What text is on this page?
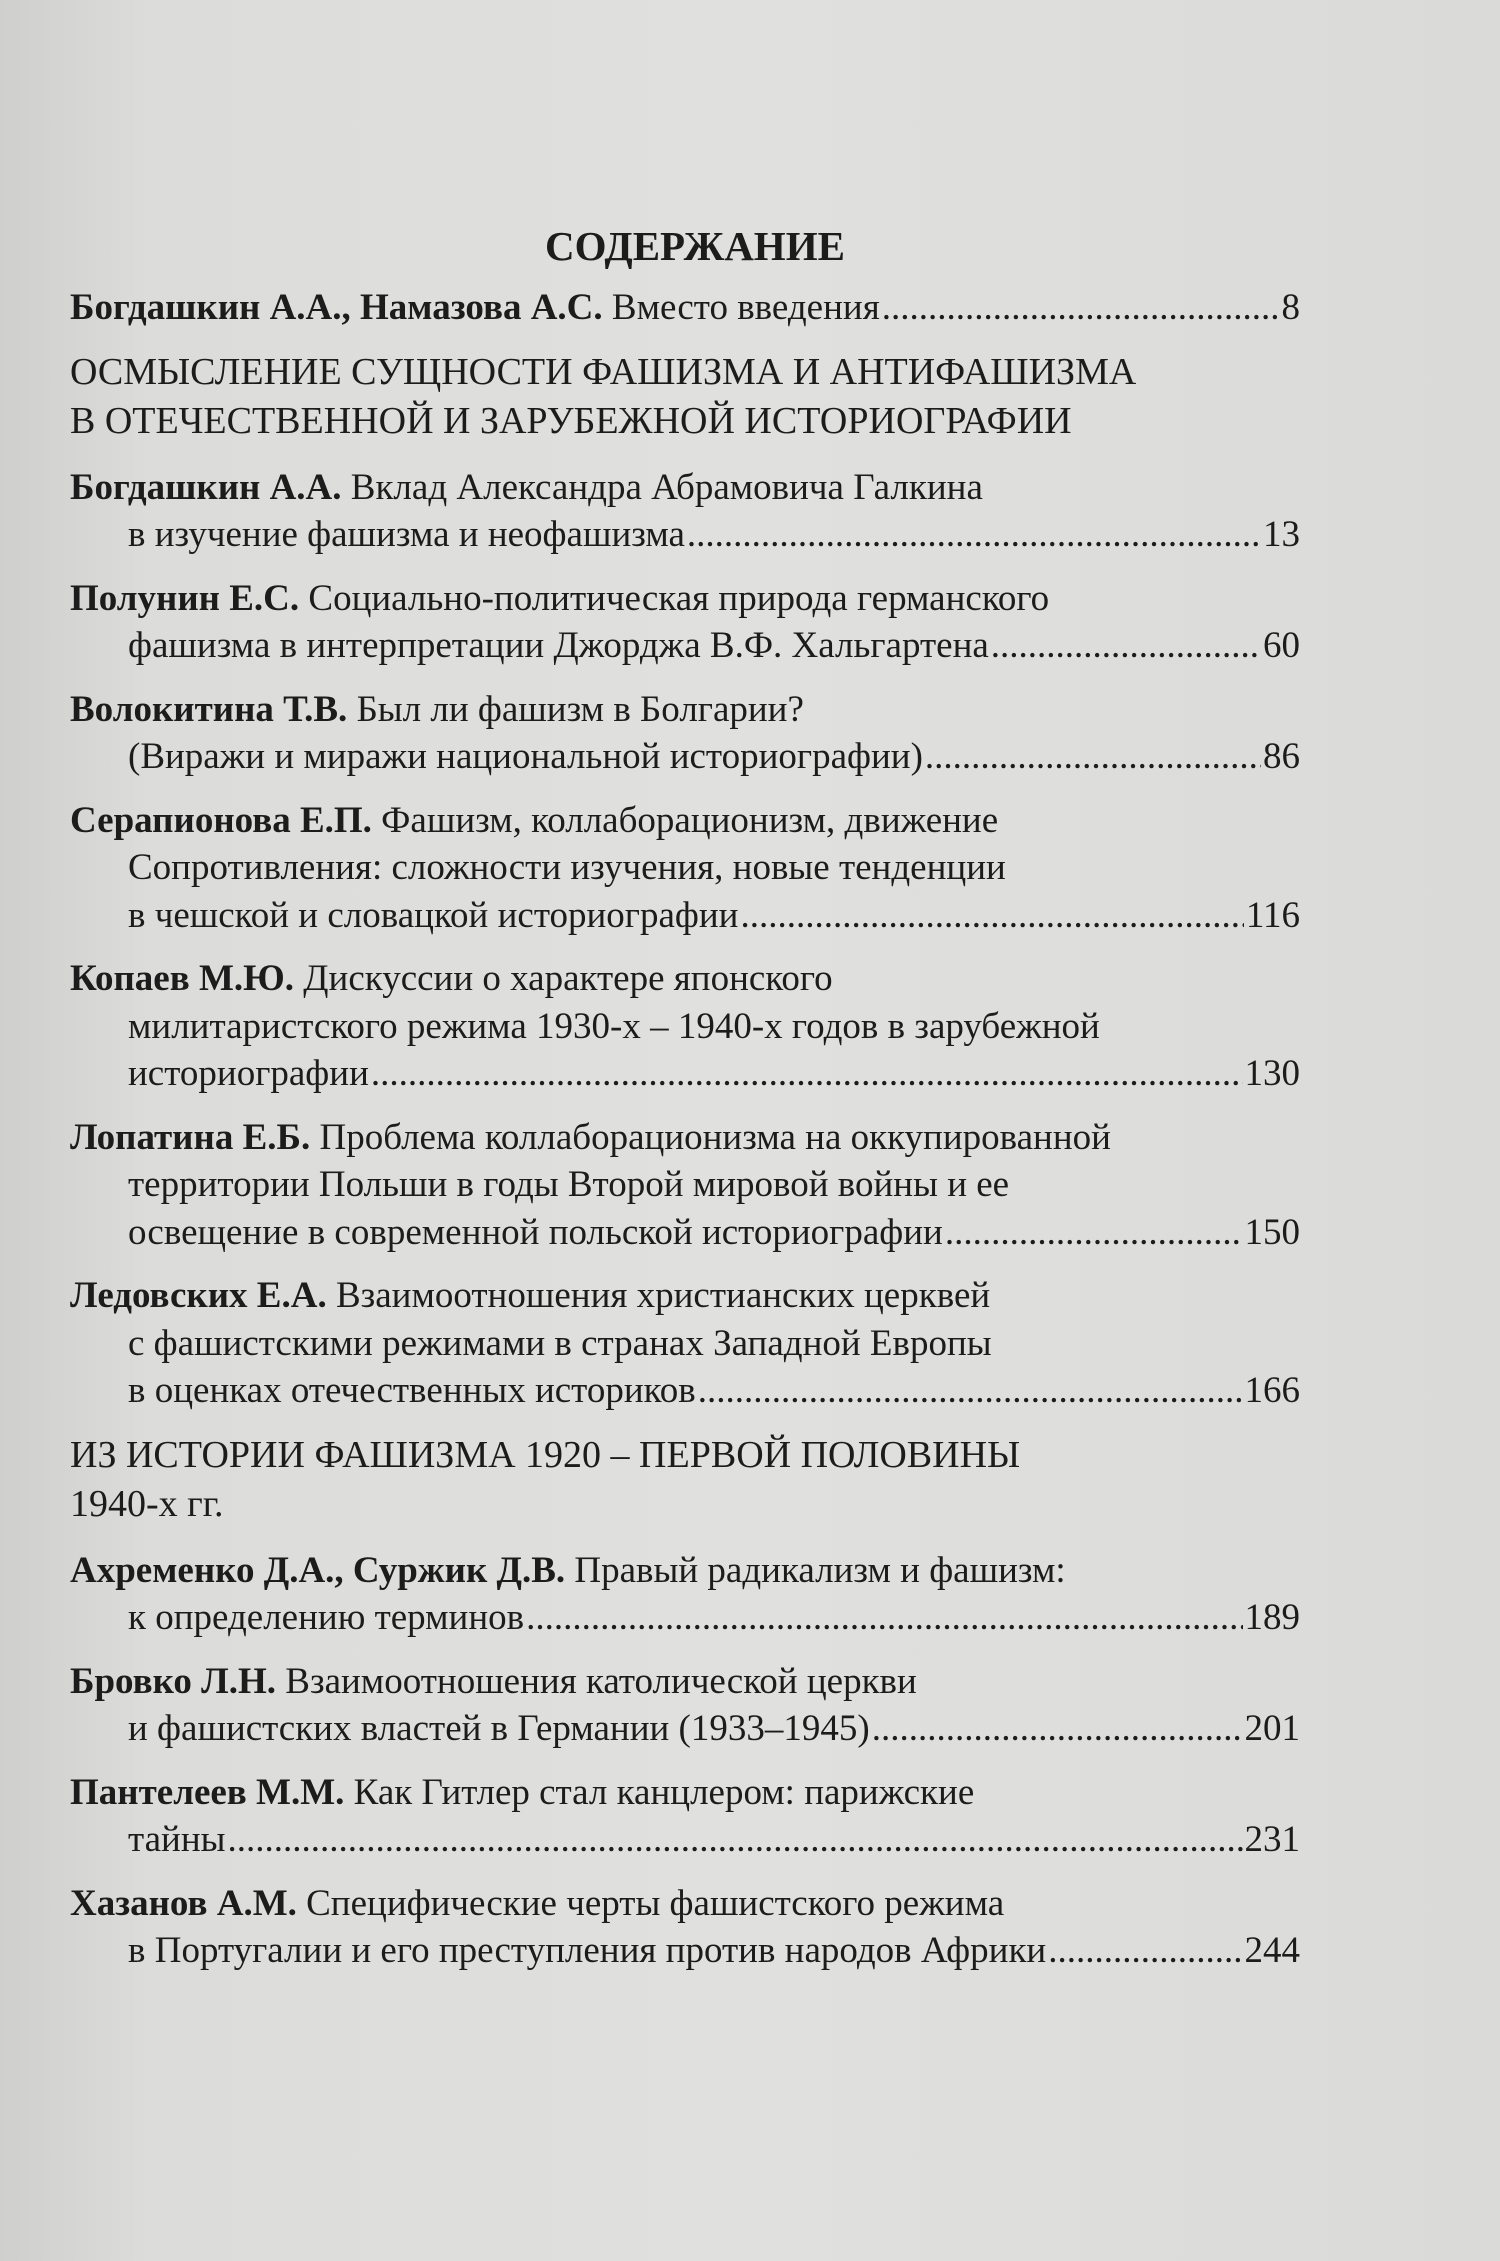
СОДЕРЖАНИЕ
Богдашкин А.А., Намазова А.С.
Вместо введения .....	8
ОСМЫСЛЕНИЕ СУЩНОСТИ ФАШИЗМА И АНТИФАШИЗМА
В ОТЕЧЕСТВЕННОЙ И ЗАРУБЕЖНОЙ ИСТОРИОГРАФИИ
Богдашкин А.А.
Вклад Александра Абрамовича Галкина
в изучение фашизма и неофашизма .....	13
Полунин Е.С.
Социально-политическая природа германского
фашизма в интерпретации Джорджа В.Ф. Хальгартена .....	60
Волокитина Т.В.
Был ли фашизм в Болгарии?
(Виражи и миражи национальной историографии) .....	86
Серапионова Е.П.
Фашизм, коллаборационизм, движение
Сопротивления: сложности изучения, новые тенденции
в чешской и словацкой историографии .....	116
Копаев М.Ю.
Дискуссии о характере японского
милитаристского режима 1930-х – 1940-х годов в зарубежной
историографии .....	130
Лопатина Е.Б.
Проблема коллаборационизма на оккупированной
территории Польши в годы Второй мировой войны и ее
освещение в современной польской историографии .....	150
Ледовских Е.А.
Взаимоотношения христианских церквей
с фашистскими режимами в странах Западной Европы
в оценках отечественных историков .....	166
ИЗ ИСТОРИИ ФАШИЗМА 1920 – ПЕРВОЙ ПОЛОВИНЫ
1940-х гг.
Ахременко Д.А., Суржик Д.В.
Правый радикализм и фашизм:
к определению терминов .....	189
Бровко Л.Н.
Взаимоотношения католической церкви
и фашистских властей в Германии (1933–1945) .....	201
Пантелеев М.М.
Как Гитлер стал канцлером: парижские
тайны .....	231
Хазанов А.М.
Специфические черты фашистского режима
в Португалии и его преступления против народов Африки .....	244
